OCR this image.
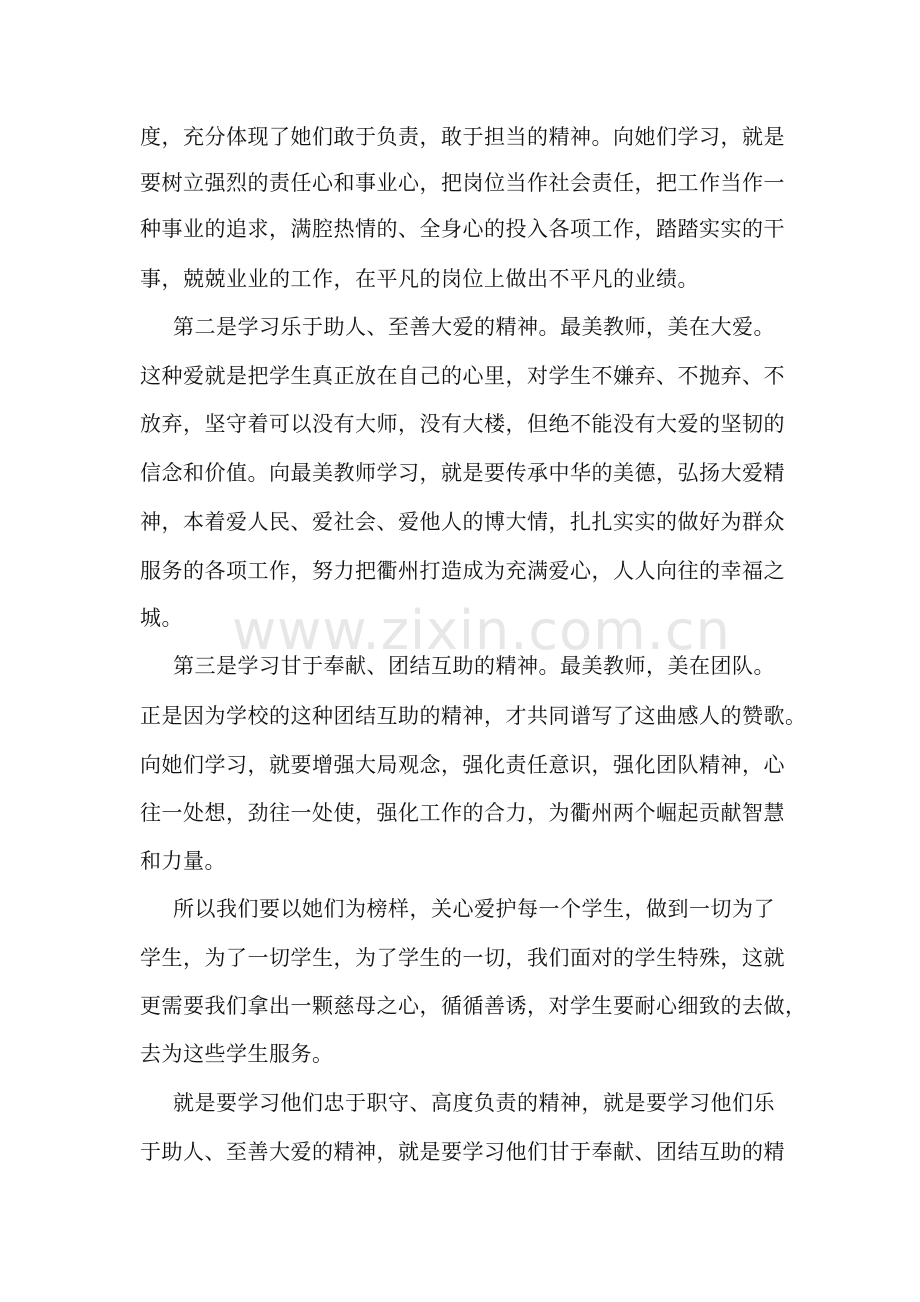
度，充分体现了她们敢于负责，敢于担当的精神。向她们学习，就是
要树立强烈的责任心和事业心，把岗位当作社会责任，把工作当作一
种事业的追求，满腔热情的、全身心的投入各项工作，踏踏实实的干
事，兢兢业业的工作，在平凡的岗位上做出不平凡的业绩。
第二是学习乐于助人、至善大爱的精神。最美教师，美在大爱。
这种爱就是把学生真正放在自己的心里，对学生不嫌弃、不抛弃、不
放弃，坚守着可以没有大师，没有大楼，但绝不能没有大爱的坚韧的
信念和价值。向最美教师学习，就是要传承中华的美德，弘扬大爱精
神，本着爱人民、爱社会、爱他人的博大情，扎扎实实的做好为群众
服务的各项工作，努力把衢州打造成为充满爱心，人人向往的幸福之
城。
第三是学习甘于奉献、团结互助的精神。最美教师，美在团队。
正是因为学校的这种团结互助的精神，才共同谱写了这曲感人的赞歌。
向她们学习，就要增强大局观念，强化责任意识，强化团队精神，心
往一处想，劲往一处使，强化工作的合力，为衢州两个崛起贡献智慧
和力量。
所以我们要以她们为榜样，关心爱护每一个学生，做到一切为了
学生，为了一切学生，为了学生的一切，我们面对的学生特殊，这就
更需要我们拿出一颗慈母之心，循循善诱，对学生要耐心细致的去做，
去为这些学生服务。
就是要学习他们忠于职守、高度负责的精神，就是要学习他们乐
于助人、至善大爱的精神，就是要学习他们甘于奉献、团结互助的精
www.zixin.com.cn
